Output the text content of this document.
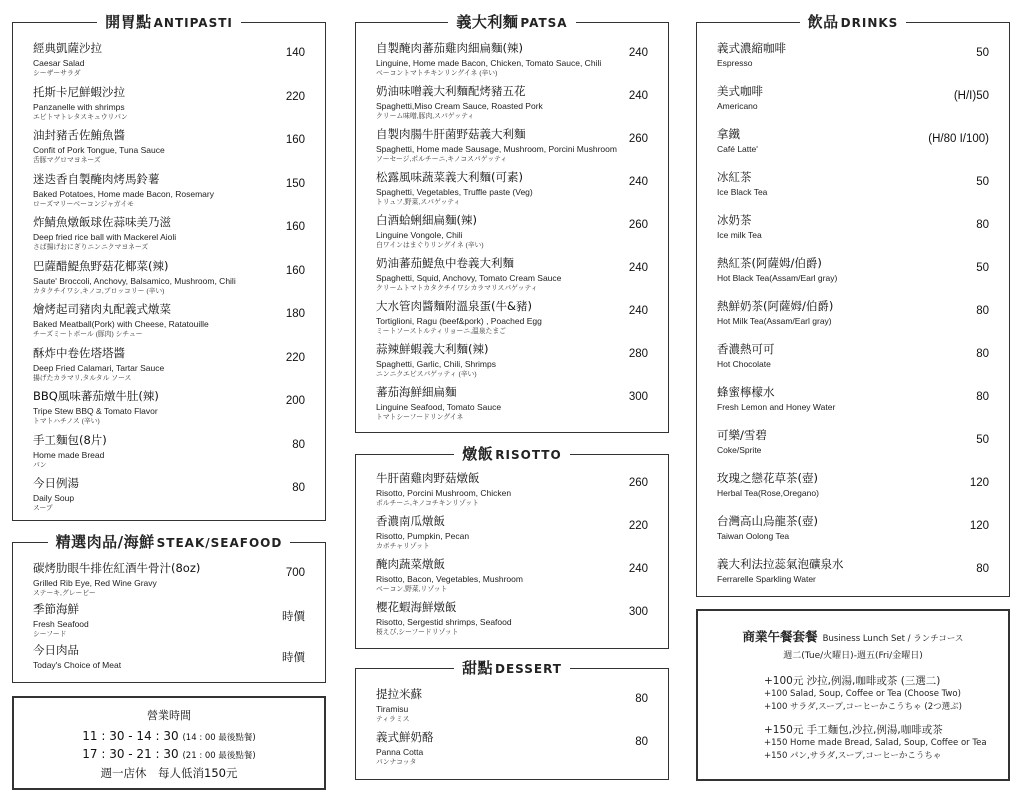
開胃點 ANTIPASTI
經典凱薩沙拉
Caesar Salad
シーザーサラダ
140
托斯卡尼鮮蝦沙拉
Panzanelle with shrimps
エビトマトレタスキュウリパン
220
油封豬舌佐鮪魚醬
Confit of Pork Tongue, Tuna Sauce
舌豚マグロマヨネーズ
160
迷迭香自製醃肉烤馬鈴薯
Baked Potatoes, Home made Bacon, Rosemary
ローズマリーベーコンジャガイモ
150
炸鯖魚燉飯球佐蒜味美乃滋
Deep fried rice ball with Mackerel Aioli
さば揚げおにぎりニンニクマヨネーズ
160
巴薩醋鯷魚野菇花椰菜(辣)
Saute' Broccoli, Anchovy, Balsamico, Mushroom, Chili
カタクチイワシ,キノコ,ブロッコリー (辛い)
160
燴烤起司豬肉丸配義式燉菜
Baked Meatball(Pork) with Cheese, Ratatouille
チーズミートボール (豚肉) シチュー
180
酥炸中卷佐塔塔醬
Deep Fried Calamari, Tartar Sauce
揚げたカラマリ,タルタル ソース
220
BBQ風味蕃茄燉牛肚(辣)
Tripe Stew BBQ & Tomato Flavor
トマトハチノス (辛い)
200
手工麵包(8片)
Home made Bread
パン
80
今日例湯
Daily Soup
スープ
80
精選肉品/海鮮 STEAK/SEAFOOD
碳烤肋眼牛排佐紅酒牛骨汁(8oz)
Grilled Rib Eye, Red Wine Gravy
ステーキ,グレービー
700
季節海鮮
Fresh Seafood
シーフード
時價
今日肉品
Today's Choice of Meat
時價
營業時間
11 : 30 - 14 : 30 (14 : 00 最後點餐)
17 : 30 - 21 : 30 (21 : 00 最後點餐)
週一店休　每人低消150元
義大利麵 PATSA
自製醃肉蕃茄雞肉細扁麵(辣)
Linguine, Home made Bacon, Chicken, Tomato Sauce, Chili
ベーコントマトチキンリングイネ (辛い)
240
奶油味噌義大利麵配烤豬五花
Spaghetti,Miso Cream Sauce, Roasted Pork
クリーム味噌,豚肉,スパゲッティ
240
自製肉腸牛肝菌野菇義大利麵
Spaghetti, Home made Sausage, Mushroom, Porcini Mushroom
ソーセージ,ポルチーニ,キノコスパゲッティ
260
松露風味蔬菜義大利麵(可素)
Spaghetti, Vegetables, Truffle paste (Veg)
トリュフ,野菜,スパゲッティ
240
白酒蛤蜊細扁麵(辣)
Linguine Vongole, Chili
白ワインはまぐりリングイネ (辛い)
260
奶油蕃茄鯷魚中卷義大利麵
Spaghetti, Squid, Anchovy, Tomato Cream Sauce
クリームトマトカタクチイワシカラマリスパゲッティ
240
大水管肉醬麵附溫泉蛋(牛&豬)
Tortiglioni, Ragu (beef&pork) , Poached Egg
ミートソーストルティリョーニ,温泉たまご
240
蒜辣鮮蝦義大利麵(辣)
Spaghetti, Garlic, Chili, Shrimps
ニンニクエビスパゲッティ (辛い)
280
蕃茄海鮮細扁麵
Linguine Seafood, Tomato Sauce
トマトシーフードリングイネ
300
燉飯 RISOTTO
牛肝菌雞肉野菇燉飯
Risotto, Porcini Mushroom, Chicken
ポルチーニ,キノコチキンリゾット
260
香濃南瓜燉飯
Risotto, Pumpkin, Pecan
カボチャリゾット
220
醃肉蔬菜燉飯
Risotto, Bacon, Vegetables, Mushroom
ベーコン,野菜,リゾット
240
櫻花蝦海鮮燉飯
Risotto, Sergestid shrimps, Seafood
桜えび,シーフードリゾット
300
甜點 DESSERT
提拉米蘇
Tiramisu
ティラミス
80
義式鮮奶酪
Panna Cotta
パンナコッタ
80
飲品 DRINKS
義式濃縮咖啡
Espresso
50
美式咖啡
Americano
(H/I)50
拿鐵
Café Latte'
(H/80 I/100)
冰紅茶
Ice Black Tea
50
冰奶茶
Ice milk Tea
80
熱紅茶(阿薩姆/伯爵)
Hot Black Tea(Assam/Earl gray)
50
熱鮮奶茶(阿薩姆/伯爵)
Hot Milk Tea(Assam/Earl gray)
80
香濃熱可可
Hot Chocolate
80
蜂蜜檸檬水
Fresh Lemon and Honey Water
80
可樂/雪碧
Coke/Sprite
50
玫瑰之戀花草茶(壺)
Herbal Tea(Rose,Oregano)
120
台灣高山烏龍茶(壺)
Taiwan Oolong Tea
120
義大利法拉蕊氣泡礦泉水
Ferrarelle Sparkling Water
80
商業午餐套餐 Business Lunch Set / ランチコース
週二(Tue/火曜日)-週五(Fri/金曜日)
+100元 沙拉,例湯,咖啡或茶 (三選二)
+100 Salad, Soup, Coffee or Tea (Choose Two)
+100 サラダ,スープ,コーヒーかこうちゃ (2つ選ぶ)
+150元 手工麵包,沙拉,例湯,咖啡或茶
+150 Home made Bread, Salad, Soup, Coffee or Tea
+150 パン,サラダ,スープ,コーヒーかこうちゃ
